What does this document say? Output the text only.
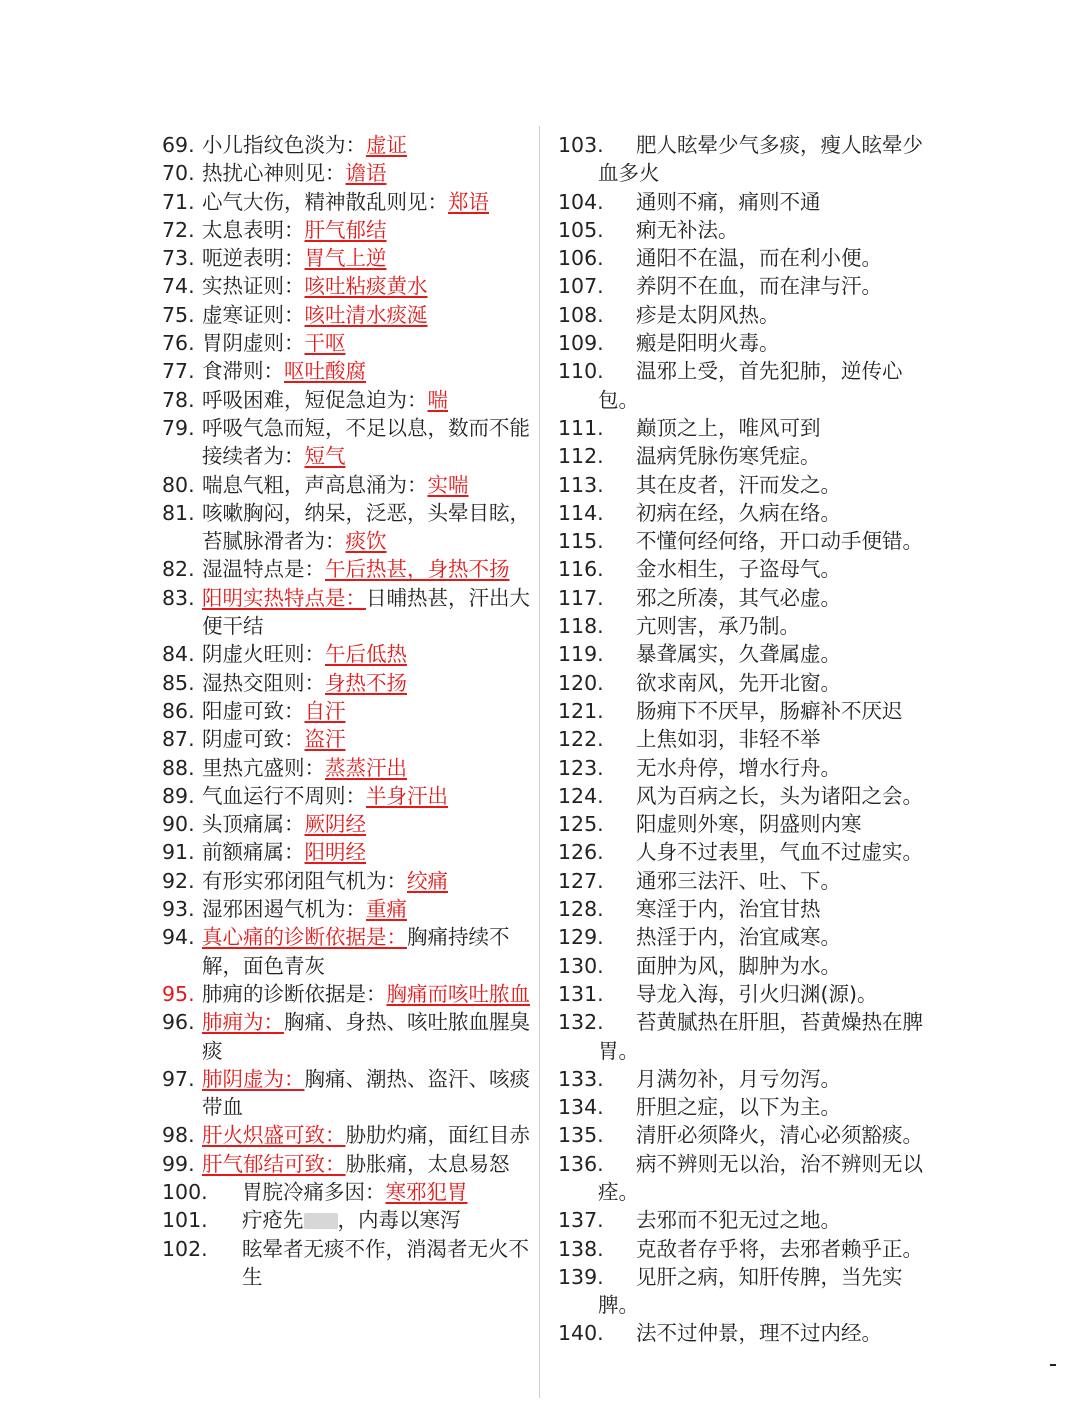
69. 小儿指纹色淡为：虚证
70. 热扰心神则见：谵语
71. 心气大伤，精神散乱则见：郑语
72. 太息表明：肝气郁结
73. 呃逆表明：胃气上逆
74. 实热证则：咳吐粘痰黄水
75. 虚寒证则：咳吐清水痰涎
76. 胃阴虚则：干呕
77. 食滞则：呕吐酸腐
78. 呼吸困难，短促急迫为：喘
79. 呼吸气急而短，不足以息，数而不能接续者为：短气
80. 喘息气粗，声高息涌为：实喘
81. 咳嗽胸闷，纳呆，泛恶，头晕目眩，苔腻脉滑者为：痰饮
82. 湿温特点是：午后热甚，身热不扬
83. 阳明实热特点是：日晡热甚，汗出大便干结
84. 阴虚火旺则：午后低热
85. 湿热交阻则：身热不扬
86. 阳虚可致：自汗
87. 阴虚可致：盗汗
88. 里热亢盛则：蒸蒸汗出
89. 气血运行不周则：半身汗出
90. 头顶痛属：厥阴经
91. 前额痛属：阳明经
92. 有形实邪闭阻气机为：绞痛
93. 湿邪困遏气机为：重痛
94. 真心痛的诊断依据是：胸痛持续不解，面色青灰
95. 肺痈的诊断依据是：胸痛而咳吐脓血
96. 肺痈为：胸痛、身热、咳吐脓血腥臭痰
97. 肺阴虚为：胸痛、潮热、盗汗、咳痰带血
98. 肝火炽盛可致：胁肋灼痛，面红目赤
99. 肝气郁结可致：胁胀痛，太息易怒
100.	胃脘冷痛多因：寒邪犯胃
101.	疔疮先 ，内毒以寒泻
102.	眩晕者无痰不作，消渴者无火不生
103.	肥人眩晕少气多痰，瘦人眩晕少血多火
104.	通则不痛，痛则不通
105.	痢无补法。
106.	通阳不在温，而在利小便。
107.	养阴不在血，而在津与汗。
108.	疹是太阴风热。
109.	瘢是阳明火毒。
110.	温邪上受，首先犯肺，逆传心包。
111.	巅顶之上，唯风可到
112.	温病凭脉伤寒凭症。
113.	其在皮者，汗而发之。
114.	初病在经，久病在络。
115.	不懂何经何络，开口动手便错。
116.	金水相生，子盗母气。
117.	邪之所凑，其气必虚。
118.	亢则害，承乃制。
119.	暴聋属实，久聋属虚。
120.	欲求南风，先开北窗。
121.	肠痈下不厌早，肠癖补不厌迟
122.	上焦如羽，非轻不举
123.	无水舟停，增水行舟。
124.	风为百病之长，头为诸阳之会。
125.	阳虚则外寒，阴盛则内寒
126.	人身不过表里，气血不过虚实。
127.	通邪三法汗、吐、下。
128.	寒淫于内，治宜甘热
129.	热淫于内，治宜咸寒。
130.	面肿为风，脚肿为水。
131.	导龙入海，引火归渊(源)。
132.	苔黄腻热在肝胆，苔黄燥热在脾胃。
133.	月满勿补，月亏勿泻。
134.	肝胆之症，以下为主。
135.	清肝必须降火，清心必须豁痰。
136.	病不辨则无以治，治不辨则无以痊。
137.	去邪而不犯无过之地。
138.	克敌者存乎将，去邪者赖乎正。
139.	见肝之病，知肝传脾，当先实脾。
140.	法不过仲景，理不过内经。
